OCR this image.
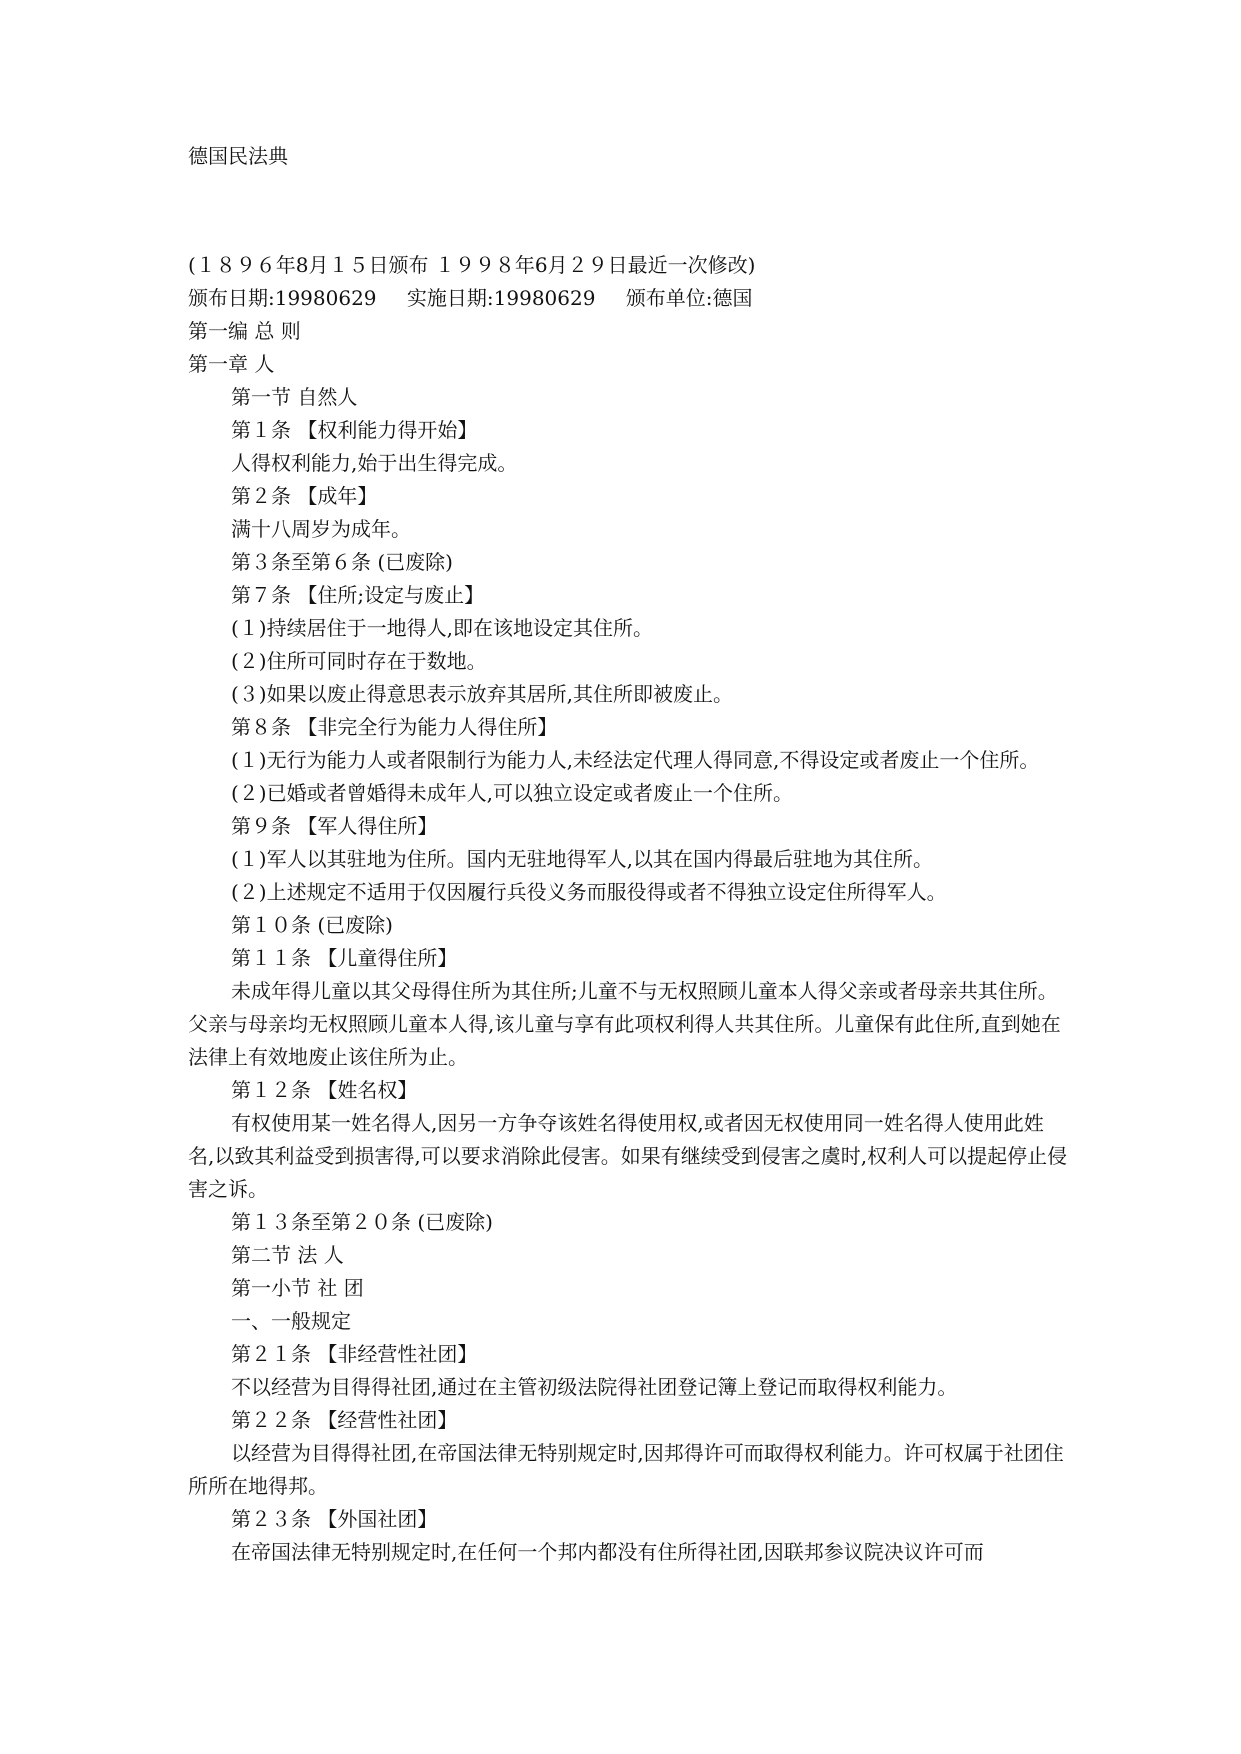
德国民法典
(１８９６年8月１５日颁布 １９９８年6月２９日最近一次修改)
颁布日期:19980629 实施日期:19980629 颁布单位:德国
第一编 总 则
第一章 人
第一节 自然人
第１条 【权利能力得开始】
人得权利能力,始于出生得完成。
第２条 【成年】
满十八周岁为成年。
第３条至第６条 (已废除)
第７条 【住所;设定与废止】
(１)持续居住于一地得人,即在该地设定其住所。
(２)住所可同时存在于数地。
(３)如果以废止得意思表示放弃其居所,其住所即被废止。
第８条 【非完全行为能力人得住所】
(１)无行为能力人或者限制行为能力人,未经法定代理人得同意,不得设定或者废止一个住所。
(２)已婚或者曾婚得未成年人,可以独立设定或者废止一个住所。
第９条 【军人得住所】
(１)军人以其驻地为住所。国内无驻地得军人,以其在国内得最后驻地为其住所。
(２)上述规定不适用于仅因履行兵役义务而服役得或者不得独立设定住所得军人。
第１０条 (已废除)
第１１条 【儿童得住所】
未成年得儿童以其父母得住所为其住所;儿童不与无权照顾儿童本人得父亲或者母亲共其住所。父亲与母亲均无权照顾儿童本人得,该儿童与享有此项权利得人共其住所。儿童保有此住所,直到她在法律上有效地废止该住所为止。
第１２条 【姓名权】
有权使用某一姓名得人,因另一方争夺该姓名得使用权,或者因无权使用同一姓名得人使用此姓名,以致其利益受到损害得,可以要求消除此侵害。如果有继续受到侵害之虞时,权利人可以提起停止侵害之诉。
第１３条至第２０条 (已废除)
第二节 法 人
第一小节 社 团
一、一般规定
第２１条 【非经营性社团】
不以经营为目得得社团,通过在主管初级法院得社团登记簿上登记而取得权利能力。
第２２条 【经营性社团】
以经营为目得得社团,在帝国法律无特别规定时,因邦得许可而取得权利能力。许可权属于社团住所所在地得邦。
第２３条 【外国社团】
在帝国法律无特别规定时,在任何一个邦内都没有住所得社团,因联邦参议院决议许可而
